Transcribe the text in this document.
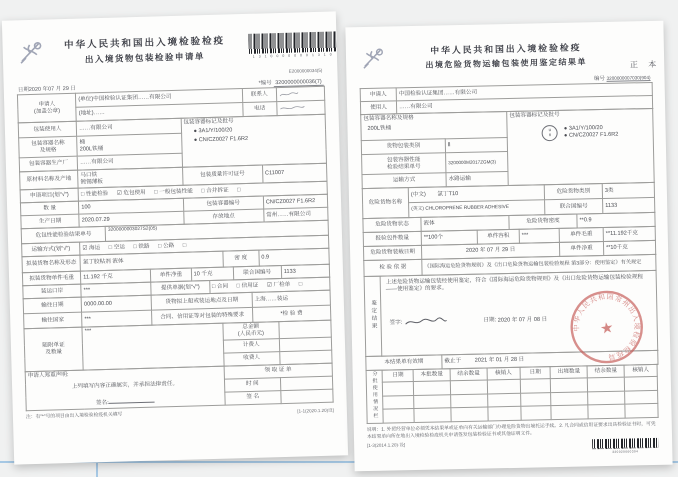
中华人民共和国出入境检验检疫
出入境货物包装检验申请单	1 3 1 0 0 0 0 0 0 0 1 3 1 0
E2000000034(5)
日期2020 年07 月 29 日
*编号 3200000000036(7)
申请人
(加盖公章)	(单位)中国检验认证集团……有限公司	联系人	
	(地址)……	电话	
包装使用人	……有限公司	包装容器标记及批号
● 3A1/Y/100/20
● CN/CZ0027 F1.6R2

包装容器名称
及规格	桶
200L铁桶	
包装容器生产厂	……有限公司	
原材料名称及产地	马口铁
镀锡薄板	包装质量许可证号	C11007
申请项目(划"√")	□ 性能检验 ☑ 危包使用 □ 一般包装性能 □ 合并拆证 □
数 量	100	包装容器编号	CN/CZ0027 F1.6R2
生产日期	2020.07.29	存放地点	常州……有限公司
危包性能检验结果单号	3200000003027S2(05)
运输方式(划"√")	☑ 海运 □ 空运 □ 铁路 □ 公路 □
拟装货物名称及形态	氯丁胶粘剂 液体	密 度	0.9
拟装货物单件毛重	11.192 千克	单件净重	10 千克	联合国编号	1133
装运口岸	***	提供单据(划"√")	□ 合同 □ 信用证 ☑ 厂检单 □
输往日期	0000.00.00	货物拟上船或装运地点及日期	上海……装运
输往国家	***	合同、信用证等对包装的特殊要求	*检 验 费
随附单证
及数量	***	总金额
(人民币元)	
		计费人	
		收费人	
申请人郑重声明:
上列填写内容正确属实，并承担法律责任。
签名:	领 取 证 单	
	时 间	
	签 名	
注：有"*"号的项目由出入境检验检疫机关填写
[1-1(2020.1.20)设]
中华人民共和国出入境检验检疫
出境危险货物运输包装使用鉴定结果单	正 本
编号 3200000007030(904)
申请人	中国检验认证集团……有限公司
使用人	……有限公司
包装容器名称及规格
200L铁桶

包装容器标记及批号
u
n
● 3A1/Y/100/20
● CN/CZ0027 F1.6R2

货物包装类别	Ⅱ	
包装容器性能
检验结果单号	3200000M2017ZGM(3)	
运输方式	水路运输	
危险货物名称	(中文) 氯丁T10	危险货物类别	3类
	(英文) CHLOROPRENE RUBBER ADHESIVE	联合国编号	1133
危险货物状态	液体	危险货物密度	**0.9
报验包件数量	**100个	单件容积	***	单件毛重	**11.192千克
危险货物装载日期	2020 年 07 月 29 日	单件净重	**10千克
检 验 依 据	《国际海运危险货物规则》及《出口危险货物运输包装检验规程 第3部分：使用鉴定》有关规定
鉴定结果	
上述危险货物运输包装经使用鉴定，符合《国际海运危险货物规则》及《出口危险货物运输包装检验规程——使用鉴定》的要求。
签字:	日期: 2020 年 07 月 08 日
本结果单有效期	截止于 2021 年 01 月 28 日
分批使用情况栏	日期	本批数量	结余数量	核销人	日期	出境数量	结余数量	核销人

说明：1. 外贸经营单位必须凭本结果单或证单向有关运输部门办理危险货物出境托运手续。2. 凡合同或信用证要求出具检验证书时，可凭本结果单向所在地出入境检验检疫机关申请签发包装检验证书或其他证明文件。
[1-3(2014.1.20)·设]
320020000304
中华人民共和国常州出入境检验检疫局
★
